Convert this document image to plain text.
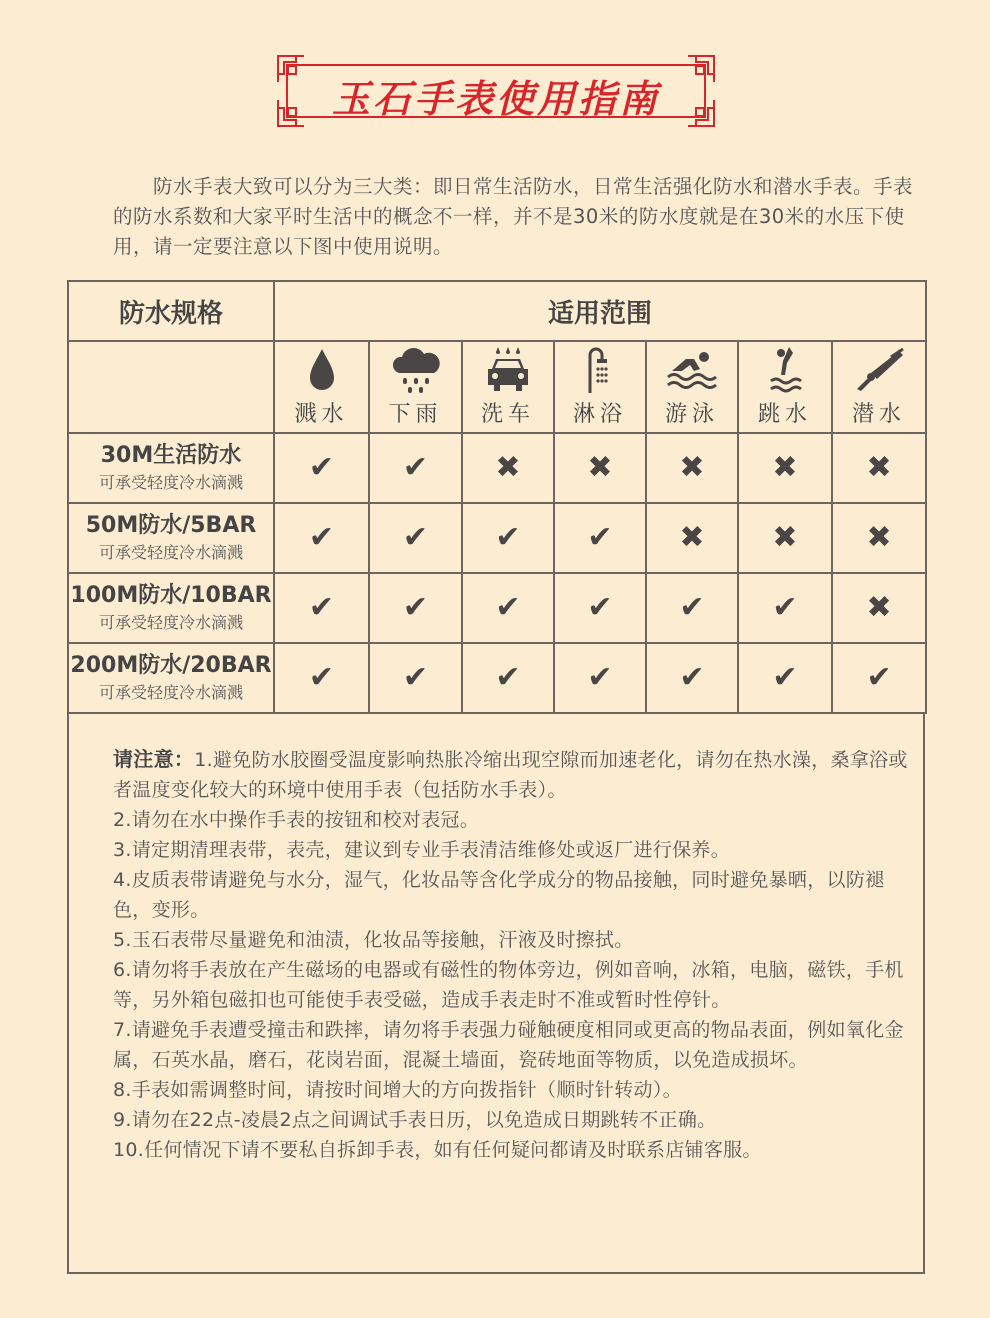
玉石手表使用指南
防水手表大致可以分为三大类：即日常生活防水，日常生活强化防水和潜水手表。手表的防水系数和大家平时生活中的概念不一样，并不是30米的防水度就是在30米的水压下使用，请一定要注意以下图中使用说明。
防水规格	适用范围						

	溅水	下雨	洗车	淋浴	游泳	跳水	潜水

30M生活防水
可承受轻度冷水滴溅	✔	✔	✖	✖	✖	✖	✖

50M防水/5BAR
可承受轻度冷水滴溅	✔	✔	✔	✔	✖	✖	✖

100M防水/10BAR
可承受轻度冷水滴溅	✔	✔	✔	✔	✔	✔	✖

200M防水/20BAR
可承受轻度冷水滴溅	✔	✔	✔	✔	✔	✔	✔

请注意：1.避免防水胶圈受温度影响热胀冷缩出现空隙而加速老化，请勿在热水澡，桑拿浴或者温度变化较大的环境中使用手表（包括防水手表）。

2.请勿在水中操作手表的按钮和校对表冠。

3.请定期清理表带，表壳，建议到专业手表清洁维修处或返厂进行保养。

4.皮质表带请避免与水分，湿气，化妆品等含化学成分的物品接触，同时避免暴晒，以防褪色，变形。

5.玉石表带尽量避免和油渍，化妆品等接触，汗液及时擦拭。

6.请勿将手表放在产生磁场的电器或有磁性的物体旁边，例如音响，冰箱，电脑，磁铁，手机等，另外箱包磁扣也可能使手表受磁，造成手表走时不准或暂时性停针。

7.请避免手表遭受撞击和跌摔，请勿将手表强力碰触硬度相同或更高的物品表面，例如氧化金属，石英水晶，磨石，花岗岩面，混凝土墙面，瓷砖地面等物质，以免造成损坏。

8.手表如需调整时间，请按时间增大的方向拨指针（顺时针转动）。

9.请勿在22点-凌晨2点之间调试手表日历，以免造成日期跳转不正确。

10.任何情况下请不要私自拆卸手表，如有任何疑问都请及时联系店铺客服。
